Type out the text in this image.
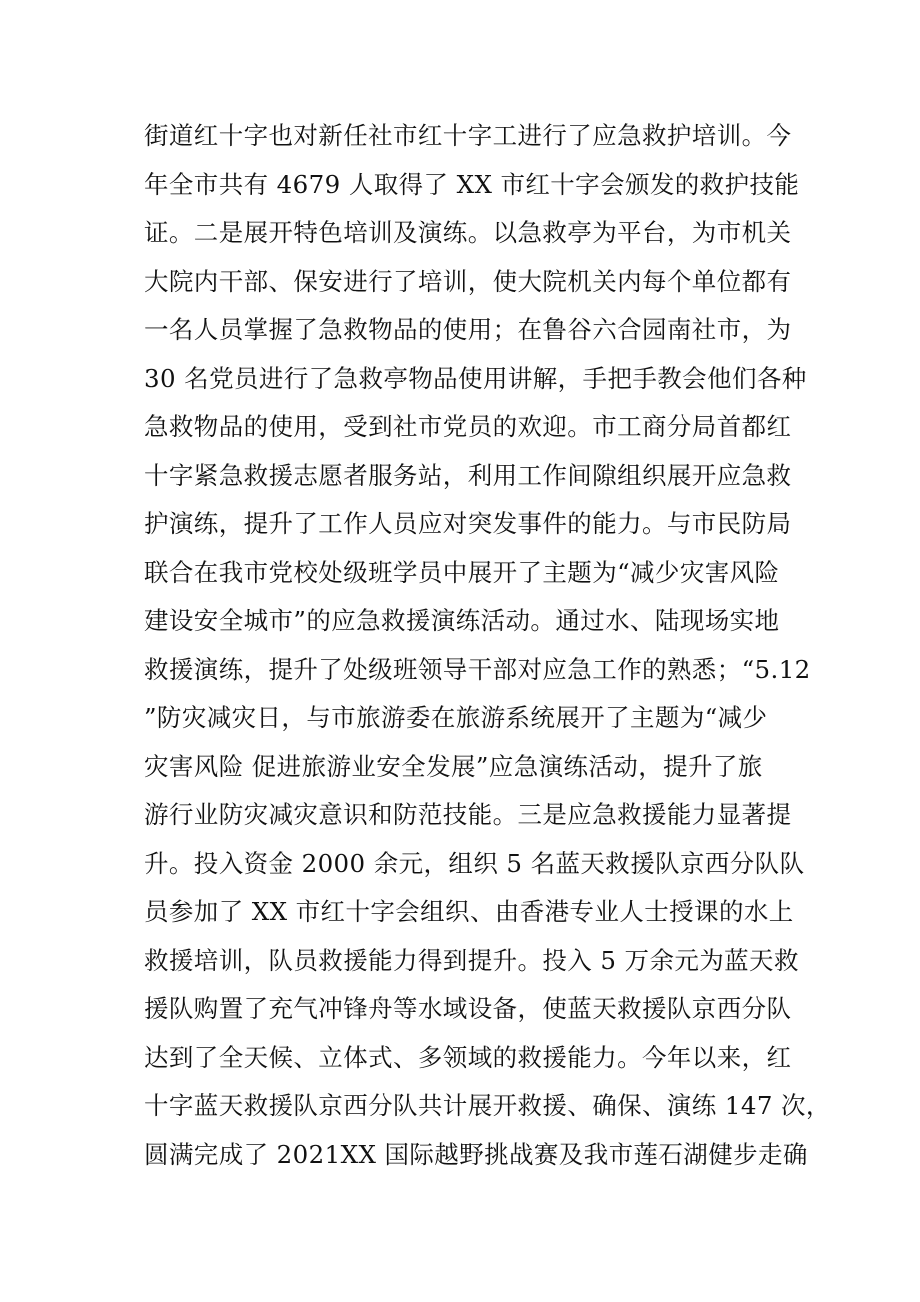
街道红十字也对新任社市红十字工进行了应急救护培训。今
年全市共有 4679 人取得了 XX 市红十字会颁发的救护技能
证。二是展开特色培训及演练。以急救亭为平台，为市机关
大院内干部、保安进行了培训，使大院机关内每个单位都有
一名人员掌握了急救物品的使用；在鲁谷六合园南社市，为
30 名党员进行了急救亭物品使用讲解，手把手教会他们各种
急救物品的使用，受到社市党员的欢迎。市工商分局首都红
十字紧急救援志愿者服务站，利用工作间隙组织展开应急救
护演练，提升了工作人员应对突发事件的能力。与市民防局
联合在我市党校处级班学员中展开了主题为“减少灾害风险
建设安全城市”的应急救援演练活动。通过水、陆现场实地
救援演练，提升了处级班领导干部对应急工作的熟悉；“5.12
”防灾减灾日，与市旅游委在旅游系统展开了主题为“减少
灾害风险 促进旅游业安全发展”应急演练活动，提升了旅
游行业防灾减灾意识和防范技能。三是应急救援能力显著提
升。投入资金 2000 余元，组织 5 名蓝天救援队京西分队队
员参加了 XX 市红十字会组织、由香港专业人士授课的水上
救援培训，队员救援能力得到提升。投入 5 万余元为蓝天救
援队购置了充气冲锋舟等水域设备，使蓝天救援队京西分队
达到了全天候、立体式、多领域的救援能力。今年以来，红
十字蓝天救援队京西分队共计展开救援、确保、演练 147 次，
圆满完成了 2021XX 国际越野挑战赛及我市莲石湖健步走确
